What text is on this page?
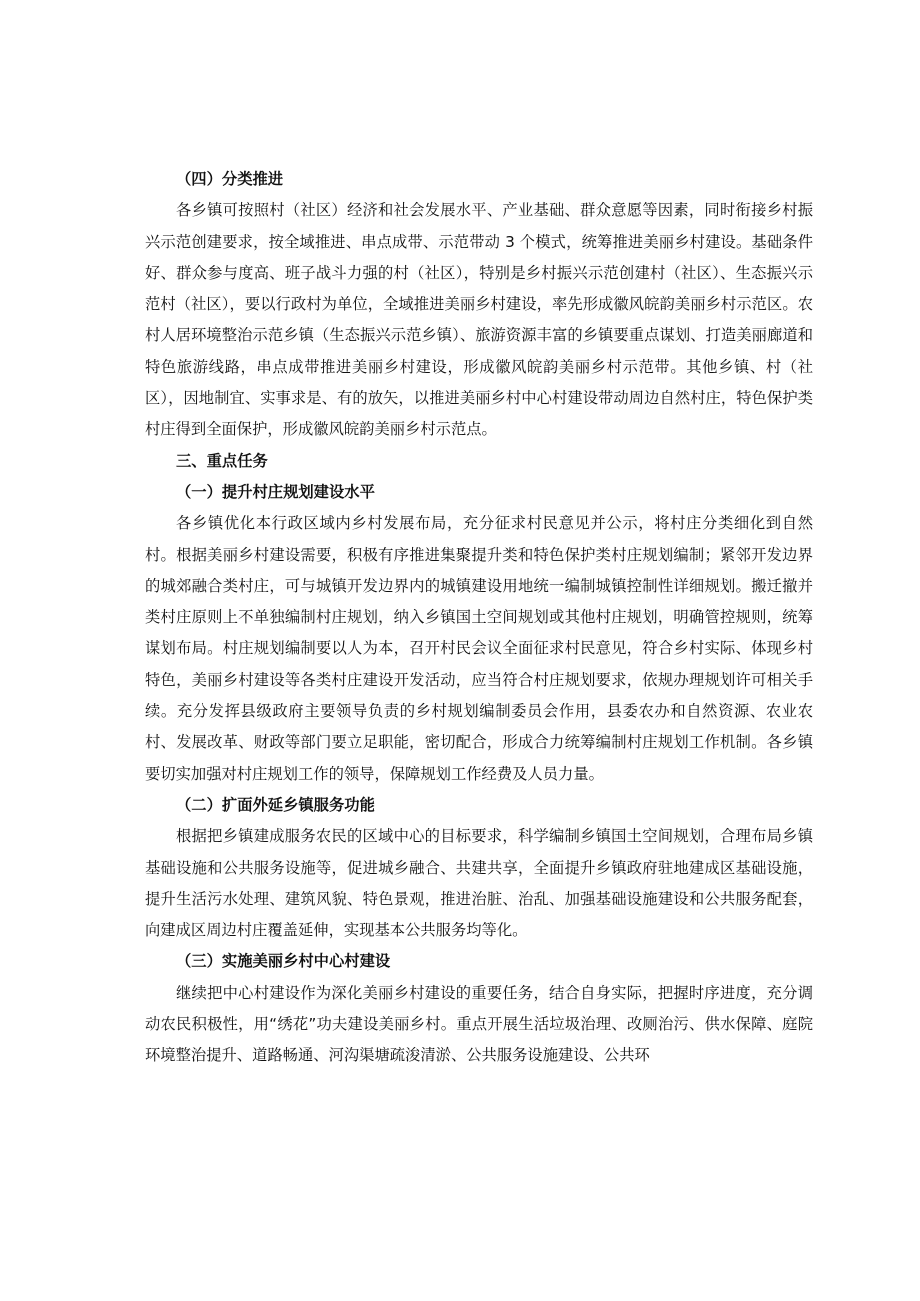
（四）分类推进

各乡镇可按照村（社区）经济和社会发展水平、产业基础、群众意愿等因素，同时衔接乡村振兴示范创建要求，按全域推进、串点成带、示范带动 3 个模式，统筹推进美丽乡村建设。基础条件好、群众参与度高、班子战斗力强的村（社区），特别是乡村振兴示范创建村（社区）、生态振兴示范村（社区），要以行政村为单位，全域推进美丽乡村建设，率先形成徽风皖韵美丽乡村示范区。农村人居环境整治示范乡镇（生态振兴示范乡镇）、旅游资源丰富的乡镇要重点谋划、打造美丽廊道和特色旅游线路，串点成带推进美丽乡村建设，形成徽风皖韵美丽乡村示范带。其他乡镇、村（社区），因地制宜、实事求是、有的放矢，以推进美丽乡村中心村建设带动周边自然村庄，特色保护类村庄得到全面保护，形成徽风皖韵美丽乡村示范点。

三、重点任务
（一）提升村庄规划建设水平

各乡镇优化本行政区域内乡村发展布局，充分征求村民意见并公示，将村庄分类细化到自然村。根据美丽乡村建设需要，积极有序推进集聚提升类和特色保护类村庄规划编制；紧邻开发边界的城郊融合类村庄，可与城镇开发边界内的城镇建设用地统一编制城镇控制性详细规划。搬迁撤并类村庄原则上不单独编制村庄规划，纳入乡镇国土空间规划或其他村庄规划，明确管控规则，统筹谋划布局。村庄规划编制要以人为本，召开村民会议全面征求村民意见，符合乡村实际、体现乡村特色，美丽乡村建设等各类村庄建设开发活动，应当符合村庄规划要求，依规办理规划许可相关手续。充分发挥县级政府主要领导负责的乡村规划编制委员会作用，县委农办和自然资源、农业农村、发展改革、财政等部门要立足职能，密切配合，形成合力统筹编制村庄规划工作机制。各乡镇要切实加强对村庄规划工作的领导，保障规划工作经费及人员力量。

（二）扩面外延乡镇服务功能

根据把乡镇建成服务农民的区域中心的目标要求，科学编制乡镇国土空间规划，合理布局乡镇基础设施和公共服务设施等，促进城乡融合、共建共享，全面提升乡镇政府驻地建成区基础设施，提升生活污水处理、建筑风貌、特色景观，推进治脏、治乱、加强基础设施建设和公共服务配套，向建成区周边村庄覆盖延伸，实现基本公共服务均等化。

（三）实施美丽乡村中心村建设

继续把中心村建设作为深化美丽乡村建设的重要任务，结合自身实际，把握时序进度，充分调动农民积极性，用“绣花”功夫建设美丽乡村。重点开展生活垃圾治理、改厕治污、供水保障、庭院环境整治提升、道路畅通、河沟渠塘疏浚清淤、公共服务设施建设、公共环
